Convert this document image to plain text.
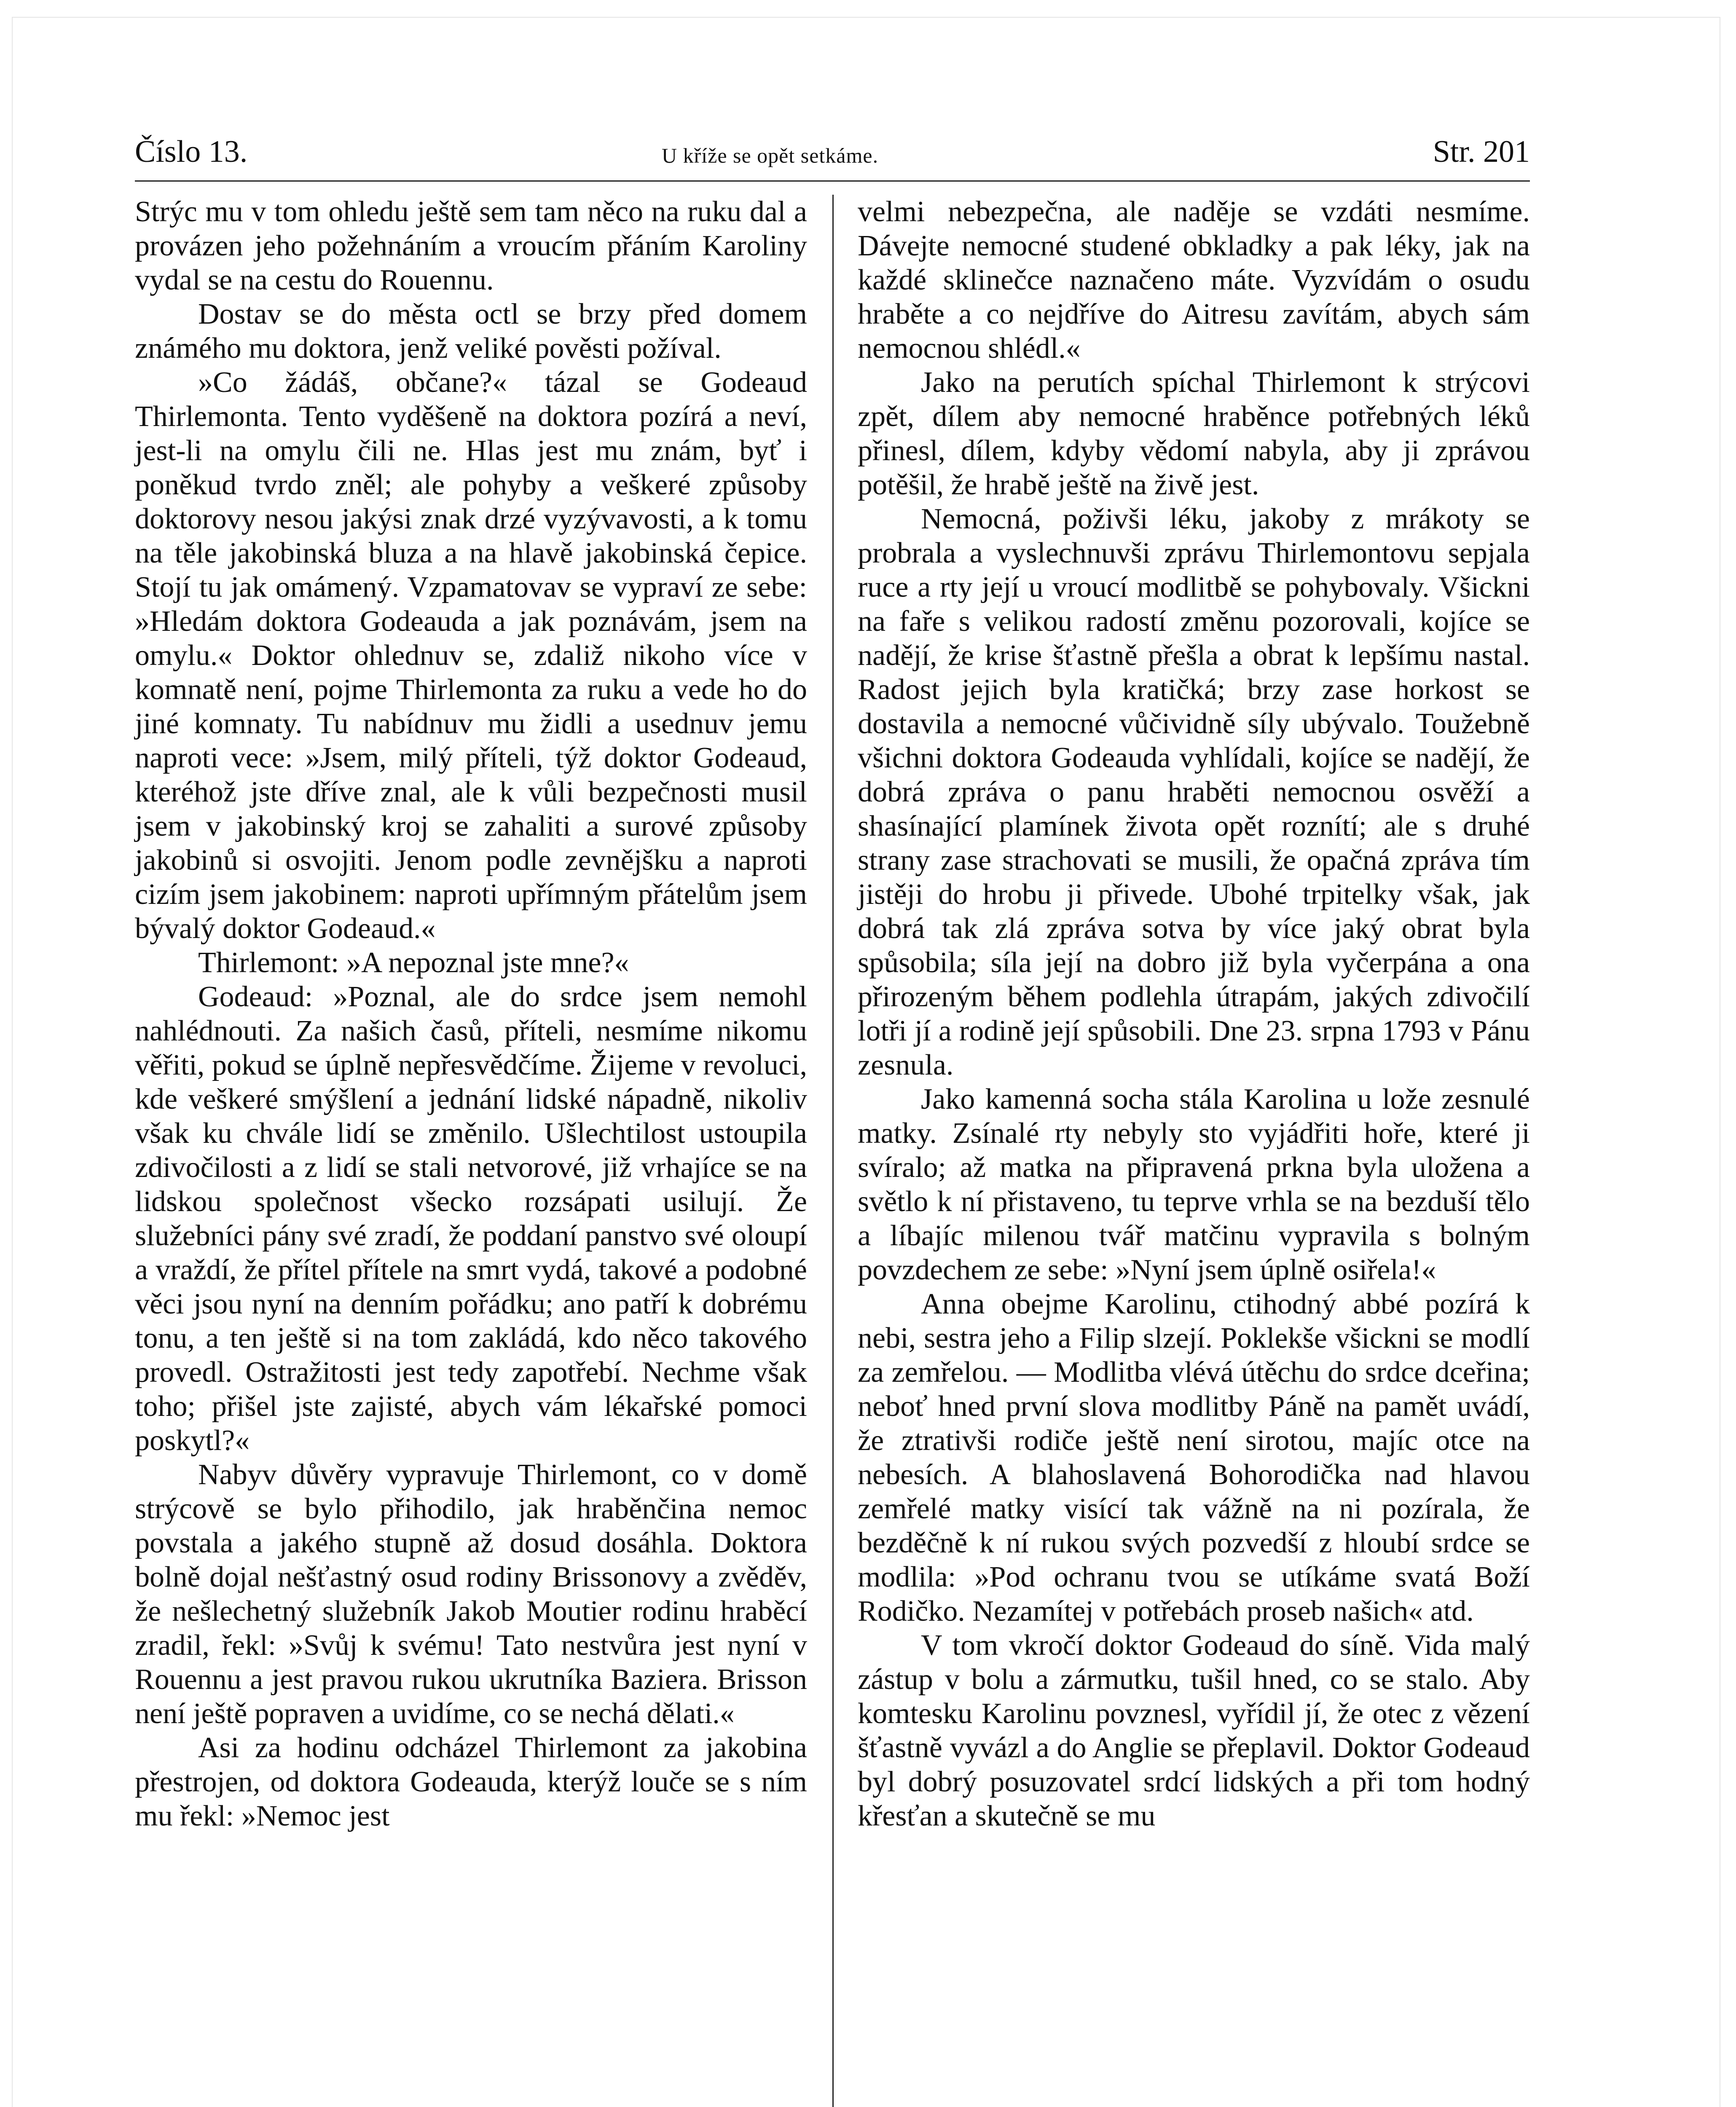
Číslo 13.	U kříže se opět setkáme.	Str. 201

Strýc mu v tom ohledu ještě sem tam něco na ruku dal a provázen jeho požehnáním a vroucím přáním Karoliny vydal se na cestu do Rouennu.

Dostav se do města octl se brzy před domem známého mu doktora, jenž veliké pověsti požíval.

»Co žádáš, občane?« tázal se Godeaud Thirlemonta. Tento vyděšeně na doktora pozírá a neví, jest-li na omylu čili ne. Hlas jest mu znám, byť i poněkud tvrdo zněl; ale pohyby a veškeré způsoby doktorovy nesou jakýsi znak drzé vyzývavosti, a k tomu na těle jakobinská bluza a na hlavě jakobinská čepice. Stojí tu jak omámený. Vzpamatovav se vypraví ze sebe: »Hledám doktora Godeauda a jak poznávám, jsem na omylu.« Doktor ohlednuv se, zdaliž nikoho více v komnatě není, pojme Thirlemonta za ruku a vede ho do jiné komnaty. Tu nabídnuv mu židli a usednuv jemu naproti vece: »Jsem, milý příteli, týž doktor Godeaud, kteréhož jste dříve znal, ale k vůli bezpečnosti musil jsem v jakobinský kroj se zahaliti a surové způsoby jakobinů si osvojiti. Jenom podle zevnějšku a naproti cizím jsem jakobinem: naproti upřímným přátelům jsem bývalý doktor Godeaud.«

Thirlemont: »A nepoznal jste mne?«

Godeaud: »Poznal, ale do srdce jsem nemohl nahlédnouti. Za našich časů, příteli, nesmíme nikomu věřiti, pokud se úplně nepřesvědčíme. Žijeme v revoluci, kde veškeré smýšlení a jednání lidské nápadně, nikoliv však ku chvále lidí se změnilo. Ušlechtilost ustoupila zdivočilosti a z lidí se stali netvorové, již vrhajíce se na lidskou společnost všecko rozsápati usilují. Že služebníci pány své zradí, že poddaní panstvo své oloupí a vraždí, že přítel přítele na smrt vydá, takové a podobné věci jsou nyní na denním pořádku; ano patří k dobrému tonu, a ten ještě si na tom zakládá, kdo něco takového provedl. Ostražitosti jest tedy zapotřebí. Nechme však toho; přišel jste zajisté, abych vám lékařské pomoci poskytl?«

Nabyv důvěry vypravuje Thirlemont, co v domě strýcově se bylo přihodilo, jak hraběnčina nemoc povstala a jakého stupně až dosud dosáhla. Doktora bolně dojal nešťastný osud rodiny Brissonovy a zvěděv, že nešlechetný služebník Jakob Moutier rodinu hraběcí zradil, řekl: »Svůj k svému! Tato nestvůra jest nyní v Rouennu a jest pravou rukou ukrutníka Baziera. Brisson není ještě popraven a uvidíme, co se nechá dělati.«

Asi za hodinu odcházel Thirlemont za jakobina přestrojen, od doktora Godeauda, kterýž louče se s ním mu řekl: »Nemoc jest

velmi nebezpečna, ale naděje se vzdáti nesmíme. Dávejte nemocné studené obkladky a pak léky, jak na každé sklinečce naznačeno máte. Vyzvídám o osudu hraběte a co nejdříve do Aitresu zavítám, abych sám nemocnou shlédl.«

Jako na perutích spíchal Thirlemont k strýcovi zpět, dílem aby nemocné hraběnce potřebných léků přinesl, dílem, kdyby vědomí nabyla, aby ji zprávou potěšil, že hrabě ještě na živě jest.

Nemocná, poživši léku, jakoby z mrákoty se probrala a vyslechnuvši zprávu Thirlemontovu sepjala ruce a rty její u vroucí modlitbě se pohybovaly. Všickni na faře s velikou radostí změnu pozorovali, kojíce se nadějí, že krise šťastně přešla a obrat k lepšímu nastal. Radost jejich byla kratičká; brzy zase horkost se dostavila a nemocné vůčividně síly ubývalo. Toužebně všichni doktora Godeauda vyhlídali, kojíce se nadějí, že dobrá zpráva o panu hraběti nemocnou osvěží a shasínající plamínek života opět roznítí; ale s druhé strany zase strachovati se musili, že opačná zpráva tím jistěji do hrobu ji přivede. Ubohé trpitelky však, jak dobrá tak zlá zpráva sotva by více jaký obrat byla spůsobila; síla její na dobro již byla vyčerpána a ona přirozeným během podlehla útrapám, jakých zdivočilí lotři jí a rodině její spůsobili. Dne 23. srpna 1793 v Pánu zesnula.

Jako kamenná socha stála Karolina u lože zesnulé matky. Zsínalé rty nebyly sto vyjádřiti hoře, které ji svíralo; až matka na připravená prkna byla uložena a světlo k ní přistaveno, tu teprve vrhla se na bezduší tělo a líbajíc milenou tvář matčinu vypravila s bolným povzdechem ze sebe: »Nyní jsem úplně osiřela!«

Anna obejme Karolinu, ctihodný abbé pozírá k nebi, sestra jeho a Filip slzejí. Poklekše všickni se modlí za zemřelou. — Modlitba vlévá útěchu do srdce dceřina; neboť hned první slova modlitby Páně na pamět uvádí, že ztrativši rodiče ještě není sirotou, majíc otce na nebesích. A blahoslavená Bohorodička nad hlavou zemřelé matky visící tak vážně na ni pozírala, že bezděčně k ní rukou svých pozvedší z hloubí srdce se modlila: »Pod ochranu tvou se utíkáme svatá Boží Rodičko. Nezamítej v potřebách proseb našich« atd.

V tom vkročí doktor Godeaud do síně. Vida malý zástup v bolu a zármutku, tušil hned, co se stalo. Aby komtesku Karolinu povznesl, vyřídil jí, že otec z vězení šťastně vyvázl a do Anglie se přeplavil. Doktor Godeaud byl dobrý posuzovatel srdcí lidských a při tom hodný křesťan a skutečně se mu
